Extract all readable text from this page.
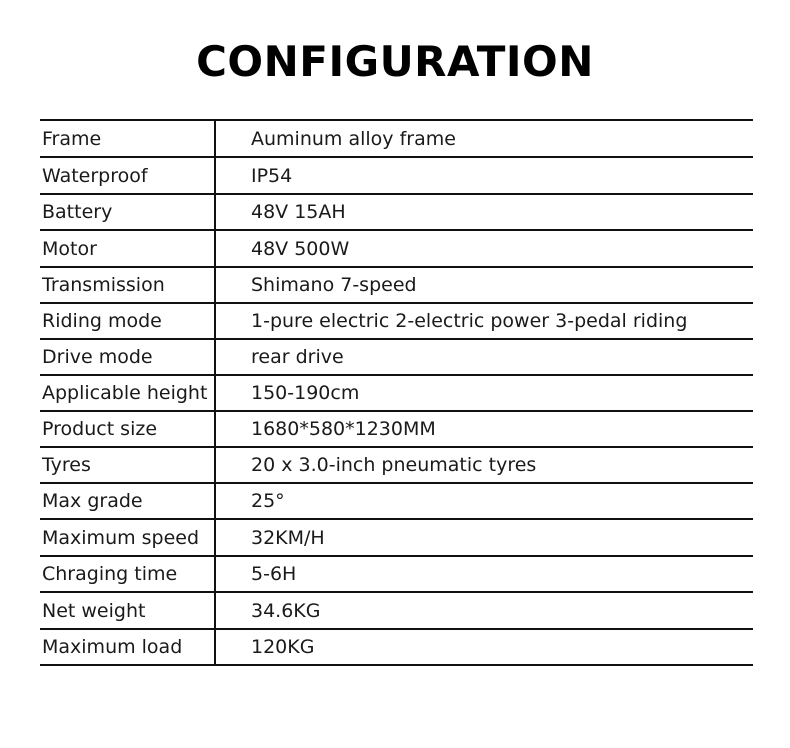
CONFIGURATION
Frame	Auminum alloy frame
Waterproof	IP54
Battery	48V 15AH
Motor	48V 500W
Transmission	Shimano 7-speed
Riding mode	1-pure electric 2-electric power 3-pedal riding
Drive mode	rear drive
Applicable height	150-190cm
Product size	1680*580*1230MM
Tyres	20 x 3.0-inch pneumatic tyres
Max grade	25°
Maximum speed	32KM/H
Chraging time	5-6H
Net weight	34.6KG
Maximum load	120KG
